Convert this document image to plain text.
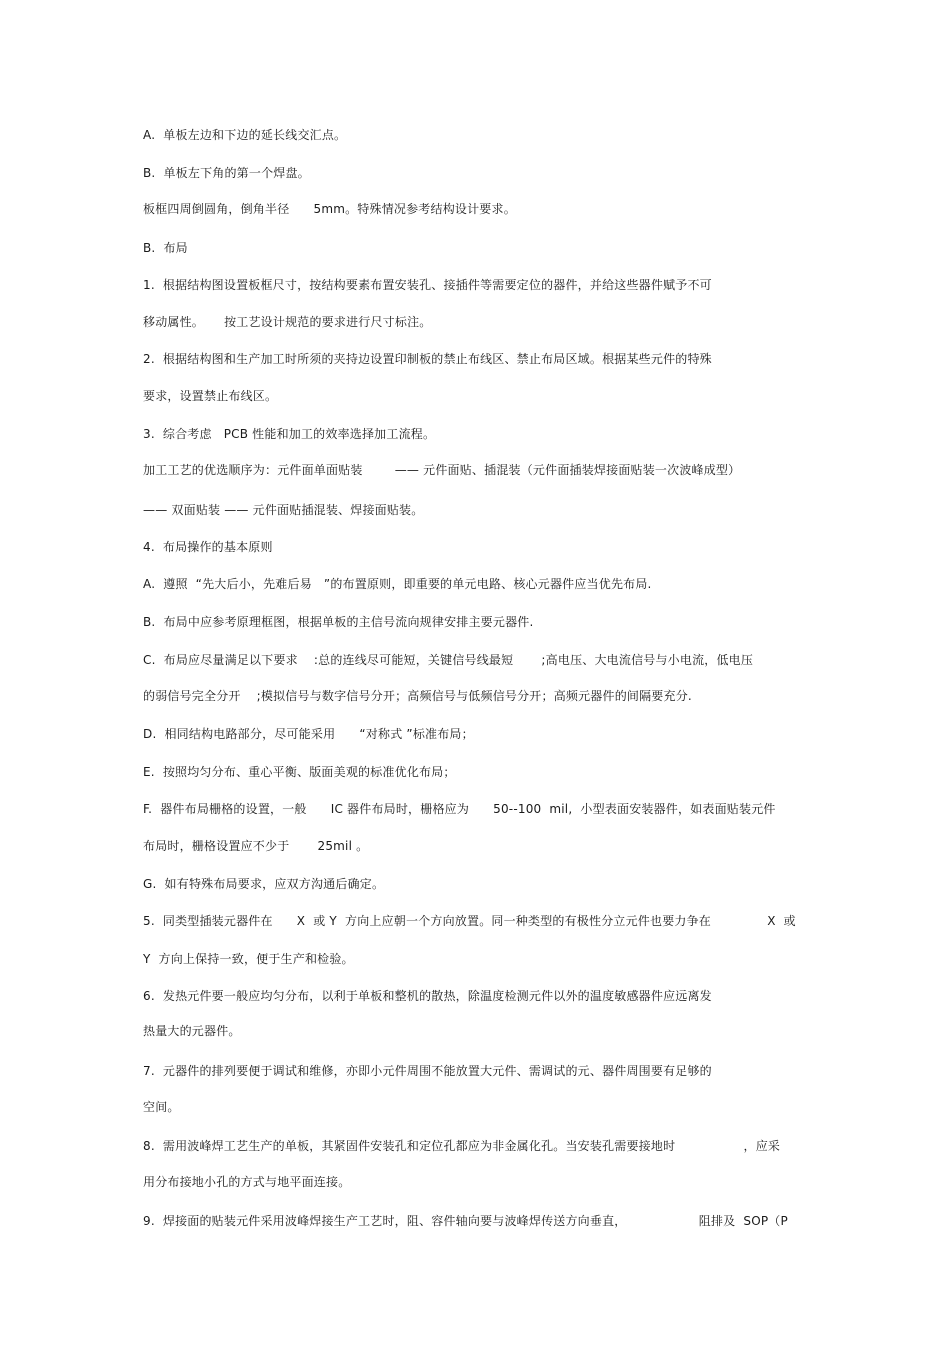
A.  单板左边和下边的延长线交汇点。
B.  单板左下角的第一个焊盘。
板框四周倒圆角，倒角半径      5mm。特殊情况参考结构设计要求。
B.  布局
1.  根据结构图设置板框尺寸，按结构要素布置安装孔、接插件等需要定位的器件，并给这些器件赋予不可
移动属性。     按工艺设计规范的要求进行尺寸标注。
2.  根据结构图和生产加工时所须的夹持边设置印制板的禁止布线区、禁止布局区域。根据某些元件的特殊
要求，设置禁止布线区。
3.  综合考虑   PCB 性能和加工的效率选择加工流程。
加工工艺的优选顺序为：元件面单面贴装        —— 元件面贴、插混装（元件面插装焊接面贴装一次波峰成型）
—— 双面贴装 —— 元件面贴插混装、焊接面贴装。
4.  布局操作的基本原则
A.  遵照  “先大后小，先难后易   ”的布置原则，即重要的单元电路、核心元器件应当优先布局.
B.  布局中应参考原理框图，根据单板的主信号流向规律安排主要元器件.
C.  布局应尽量满足以下要求    :总的连线尽可能短，关键信号线最短       ;高电压、大电流信号与小电流，低电压
的弱信号完全分开    ;模拟信号与数字信号分开；高频信号与低频信号分开；高频元器件的间隔要充分.
D.  相同结构电路部分，尽可能采用      “对称式 ”标准布局；
E.  按照均匀分布、重心平衡、版面美观的标准优化布局；
F.  器件布局栅格的设置，一般      IC 器件布局时，栅格应为      50--100  mil,  小型表面安装器件，如表面贴装元件
布局时，栅格设置应不少于       25mil 。
G.  如有特殊布局要求，应双方沟通后确定。
5.  同类型插装元器件在      X  或 Y  方向上应朝一个方向放置。同一种类型的有极性分立元件也要力争在              X  或
Y  方向上保持一致，便于生产和检验。
6.  发热元件要一般应均匀分布，以利于单板和整机的散热，除温度检测元件以外的温度敏感器件应远离发
热量大的元器件。
7.  元器件的排列要便于调试和维修，亦即小元件周围不能放置大元件、需调试的元、器件周围要有足够的
空间。
8.  需用波峰焊工艺生产的单板，其紧固件安装孔和定位孔都应为非金属化孔。当安装孔需要接地时                 ，应采
用分布接地小孔的方式与地平面连接。
9.  焊接面的贴装元件采用波峰焊接生产工艺时，阻、容件轴向要与波峰焊传送方向垂直，                  阻排及  SOP（P
